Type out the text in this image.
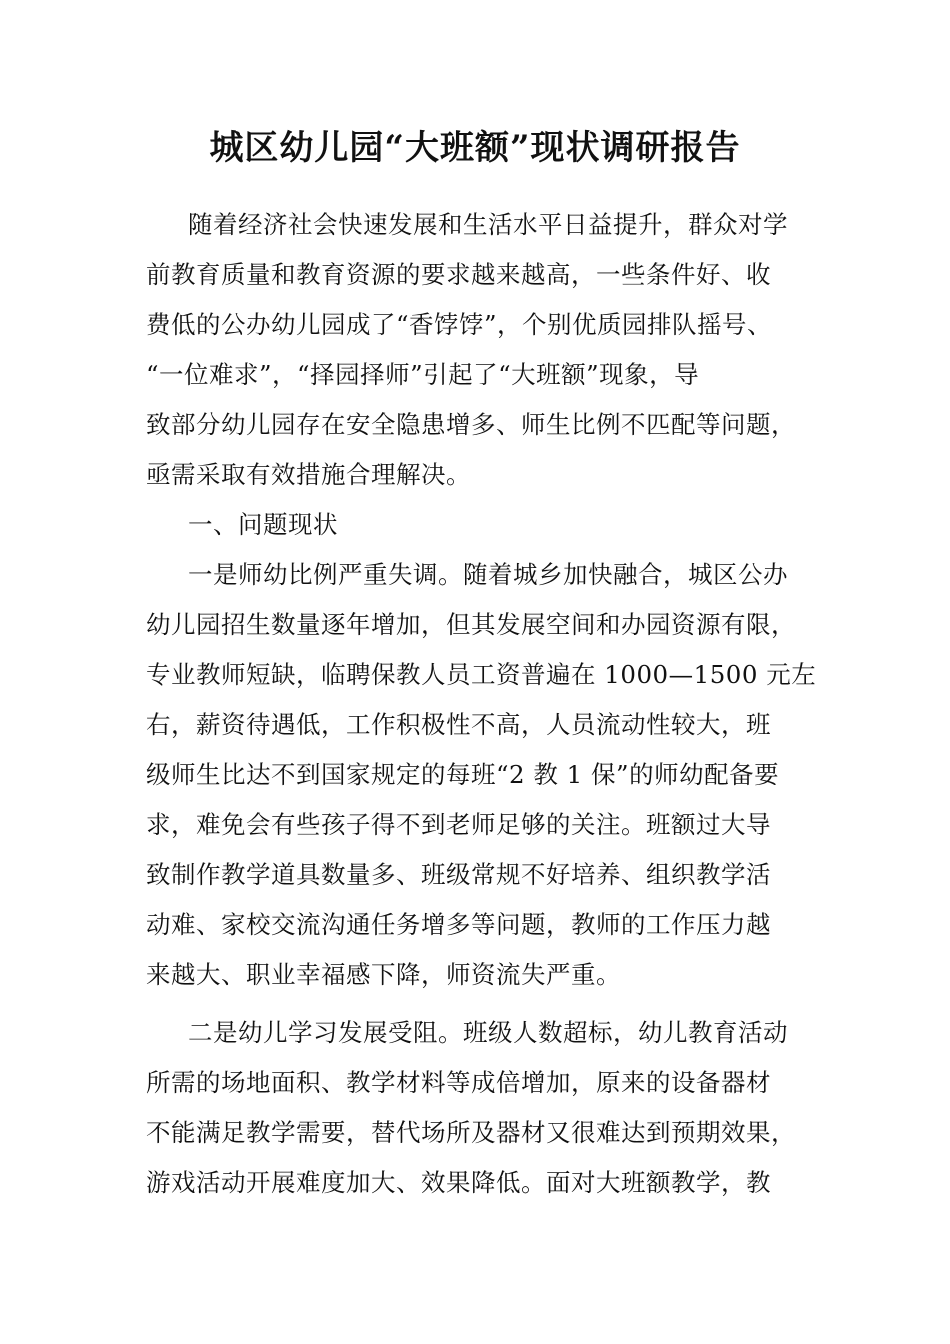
城区幼儿园“大班额”现状调研报告
随着经济社会快速发展和生活水平日益提升，群众对学
前教育质量和教育资源的要求越来越高，一些条件好、收
费低的公办幼儿园成了“香饽饽”，个别优质园排队摇号、
“一位难求”，“择园择师”引起了“大班额”现象，导
致部分幼儿园存在安全隐患增多、师生比例不匹配等问题，
亟需采取有效措施合理解决。
一、问题现状
一是师幼比例严重失调。随着城乡加快融合，城区公办
幼儿园招生数量逐年增加，但其发展空间和办园资源有限，
专业教师短缺，临聘保教人员工资普遍在 1000—1500 元左
右，薪资待遇低，工作积极性不高，人员流动性较大，班
级师生比达不到国家规定的每班“2 教 1 保”的师幼配备要
求，难免会有些孩子得不到老师足够的关注。班额过大导
致制作教学道具数量多、班级常规不好培养、组织教学活
动难、家校交流沟通任务增多等问题，教师的工作压力越
来越大、职业幸福感下降，师资流失严重。
二是幼儿学习发展受阻。班级人数超标，幼儿教育活动
所需的场地面积、教学材料等成倍增加，原来的设备器材
不能满足教学需要，替代场所及器材又很难达到预期效果，
游戏活动开展难度加大、效果降低。面对大班额教学，教
